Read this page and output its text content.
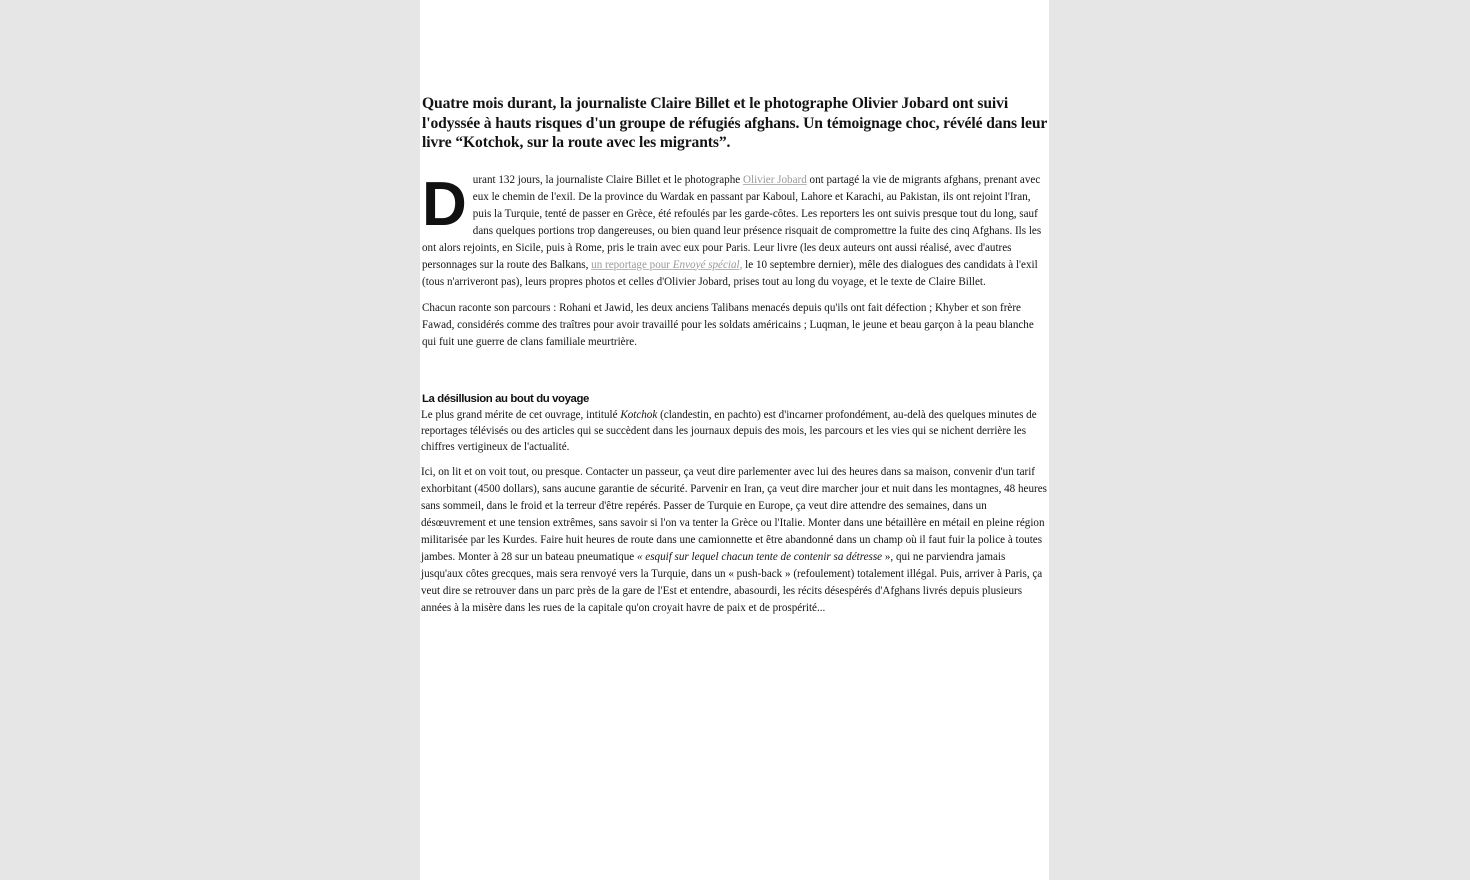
Quatre mois durant, la journaliste Claire Billet et le photographe Olivier Jobard ont suivi l'odyssée à hauts risques d'un groupe de réfugiés afghans. Un témoignage choc, révélé dans leur livre “Kotchok, sur la route avec les migrants”.

Durant 132 jours, la journaliste Claire Billet et le photographe Olivier Jobard ont partagé la vie de migrants afghans, prenant avec eux le chemin de l'exil. De la province du Wardak en passant par Kaboul, Lahore et Karachi, au Pakistan, ils ont rejoint l'Iran, puis la Turquie, tenté de passer en Grèce, été refoulés par les garde-côtes. Les reporters les ont suivis presque tout du long, sauf dans quelques portions trop dangereuses, ou bien quand leur présence risquait de compromettre la fuite des cinq Afghans. Ils les ont alors rejoints, en Sicile, puis à Rome, pris le train avec eux pour Paris. Leur livre (les deux auteurs ont aussi réalisé, avec d'autres personnages sur la route des Balkans, un reportage pour Envoyé spécial, le 10 septembre dernier), mêle des dialogues des candidats à l'exil (tous n'arriveront pas), leurs propres photos et celles d'Olivier Jobard, prises tout au long du voyage, et le texte de Claire Billet.

Chacun raconte son parcours : Rohani et Jawid, les deux anciens Talibans menacés depuis qu'ils ont fait défection ; Khyber et son frère Fawad, considérés comme des traîtres pour avoir travaillé pour les soldats américains ; Luqman, le jeune et beau garçon à la peau blanche qui fuit une guerre de clans familiale meurtrière.

La désillusion au bout du voyage

Le plus grand mérite de cet ouvrage, intitulé Kotchok (clandestin, en pachto) est d'incarner profondément, au-delà des quelques minutes de reportages télévisés ou des articles qui se succèdent dans les journaux depuis des mois, les parcours et les vies qui se nichent derrière les chiffres vertigineux de l'actualité.

Ici, on lit et on voit tout, ou presque. Contacter un passeur, ça veut dire parlementer avec lui des heures dans sa maison, convenir d'un tarif exhorbitant (4500 dollars), sans aucune garantie de sécurité. Parvenir en Iran, ça veut dire marcher jour et nuit dans les montagnes, 48 heures sans sommeil, dans le froid et la terreur d'être repérés. Passer de Turquie en Europe, ça veut dire attendre des semaines, dans un désœuvrement et une tension extrêmes, sans savoir si l'on va tenter la Grèce ou l'Italie. Monter dans une bétaillère en métail en pleine région militarisée par les Kurdes. Faire huit heures de route dans une camionnette et être abandonné dans un champ où il faut fuir la police à toutes jambes. Monter à 28 sur un bateau pneumatique « esquif sur lequel chacun tente de contenir sa détresse », qui ne parviendra jamais jusqu'aux côtes grecques, mais sera renvoyé vers la Turquie, dans un « push-back » (refoulement) totalement illégal. Puis, arriver à Paris, ça veut dire se retrouver dans un parc près de la gare de l'Est et entendre, abasourdi, les récits désespérés d'Afghans livrés depuis plusieurs années à la misère dans les rues de la capitale qu'on croyait havre de paix et de prospérité...
